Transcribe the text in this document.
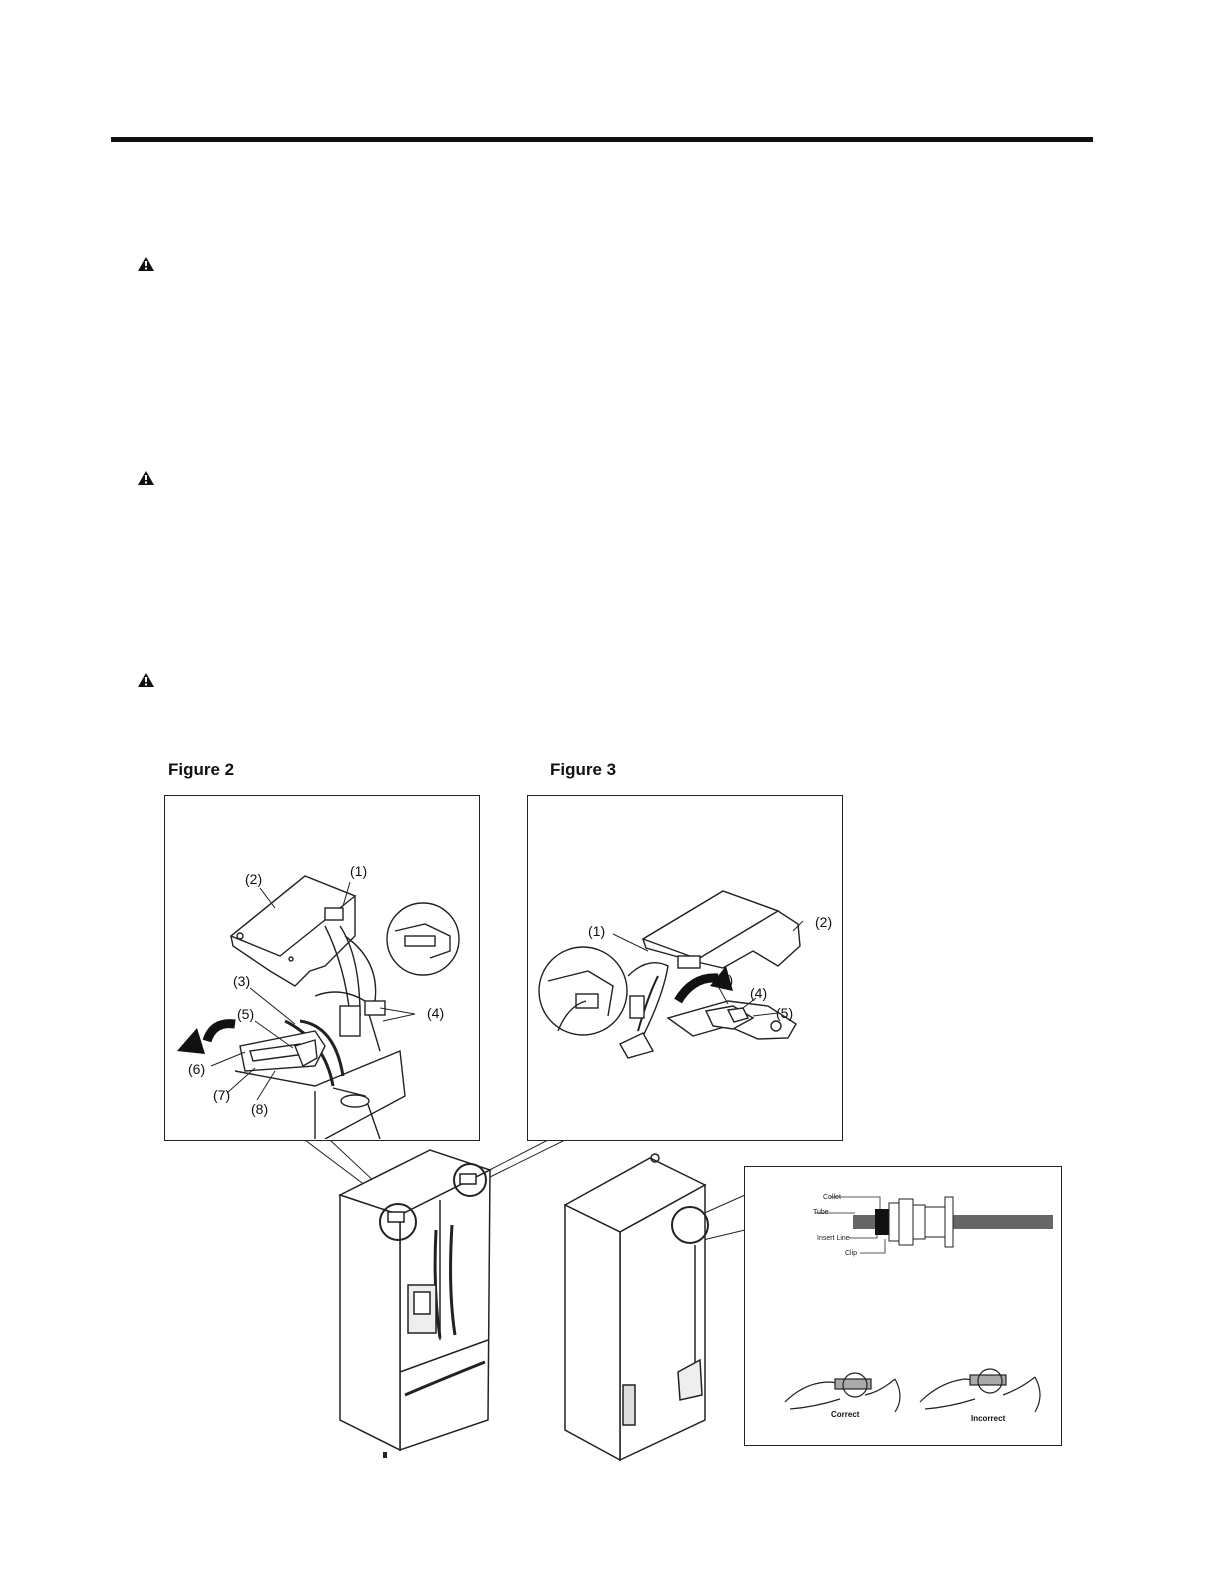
Figure 2	Figure 3
(1)
(2)
(3)
(4)
(5)
(6)
(7)
(8)
(2)
(1)
(3)
(4)
(5)
Collet
Tube
Insert Line
Clip
Correct	Incorrect
